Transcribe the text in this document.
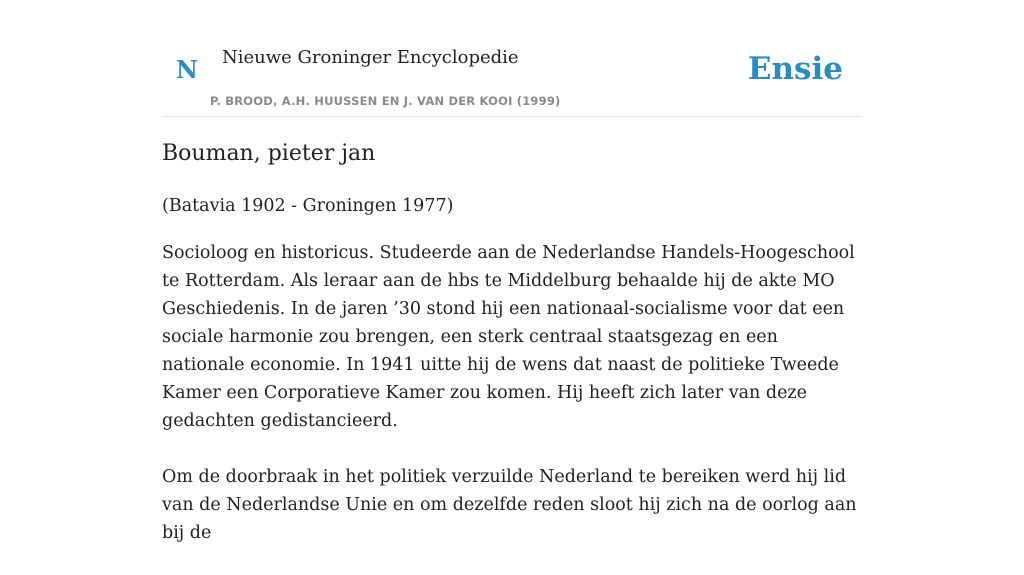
N Nieuwe Groninger Encyclopedie
P. BROOD, A.H. HUUSSEN EN J. VAN DER KOOI (1999)
Ensie
Bouman, pieter jan

(Batavia 1902 - Groningen 1977)

Socioloog en historicus. Studeerde aan de Nederlandse Handels-Hoogeschool te Rotterdam. Als leraar aan de hbs te Middelburg behaalde hij de akte MO Geschiedenis. In de jaren ’30 stond hij een nationaal-socialisme voor dat een sociale harmonie zou brengen, een sterk centraal staatsgezag en een nationale economie. In 1941 uitte hij de wens dat naast de politieke Tweede Kamer een Corporatieve Kamer zou komen. Hij heeft zich later van deze gedachten gedistancieerd.

Om de doorbraak in het politiek verzuilde Nederland te bereiken werd hij lid van de Nederlandse Unie en om dezelfde reden sloot hij zich na de oorlog aan bij de
